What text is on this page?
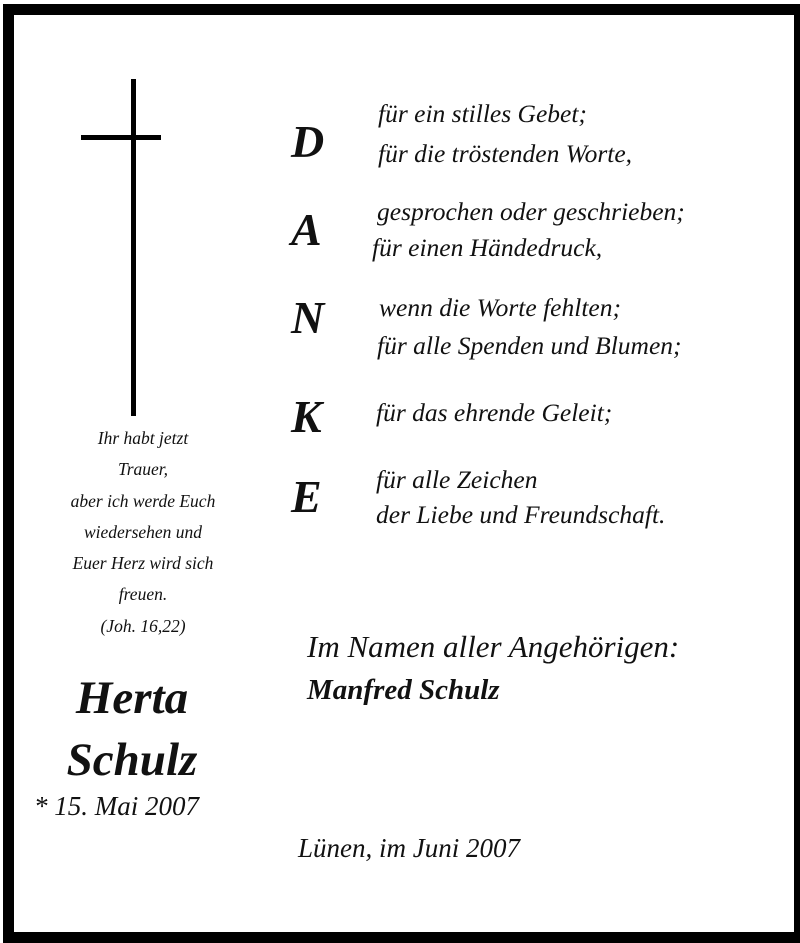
Ihr habt jetzt
Trauer,
aber ich werde Euch
wiedersehen und
Euer Herz wird sich
freuen.
(Joh. 16,22)
Herta
Schulz
* 15. Mai 2007
D
A
N
K
E
für ein stilles Gebet;
für die tröstenden Worte,
gesprochen oder geschrieben;
für einen Händedruck,
wenn die Worte fehlten;
für alle Spenden und Blumen;
für das ehrende Geleit;
für alle Zeichen
der Liebe und Freundschaft.
Im Namen aller Angehörigen:
Manfred Schulz
Lünen, im Juni 2007
